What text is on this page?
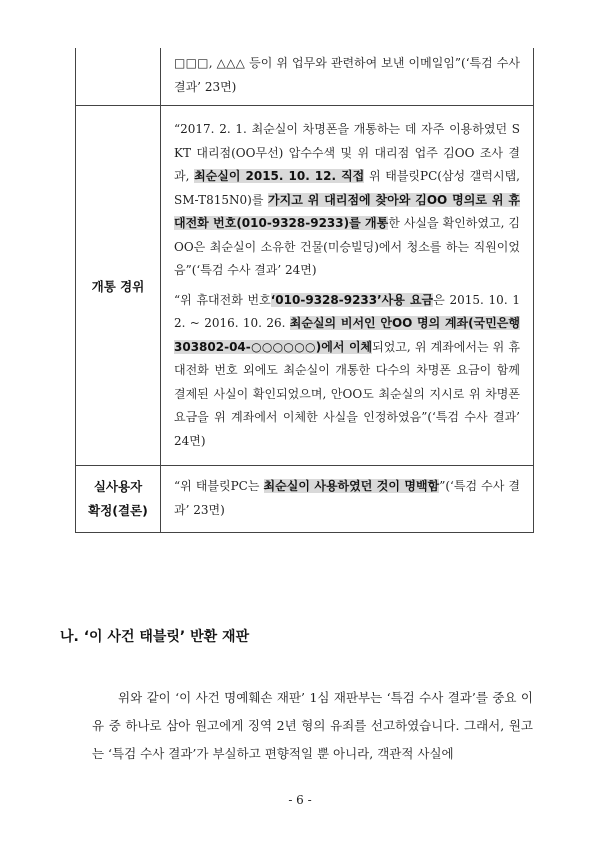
	□□□, △△△ 등이 위 업무와 관련하여 보낸 이메일임”(‘특검 수사 결과’ 23면)

개통 경위	“2017. 2. 1. 최순실이 차명폰을 개통하는 데 자주 이용하였던 SKT 대리점(OO무선) 압수수색 및 위 대리점 업주 김OO 조사 결과, 최순실이 2015. 10. 12. 직접 위 태블릿PC(삼성 갤럭시탭, SM-T815N0)를 가지고 위 대리점에 찾아와 김OO 명의로 위 휴대전화 번호(010-9328-9233)를 개통한 사실을 확인하였고, 김OO은 최순실이 소유한 건물(미승빌딩)에서 청소를 하는 직원이었음”(‘특검 수사 결과’ 24면)

“위 휴대전화 번호‘010-9328-9233’사용 요금은 2015. 10. 12. ~ 2016. 10. 26. 최순실의 비서인 안OO 명의 계좌(국민은행 303802-04-○○○○○○)에서 이체되었고, 위 계좌에서는 위 휴대전화 번호 외에도 최순실이 개통한 다수의 차명폰 요금이 함께 결제된 사실이 확인되었으며, 안OO도 최순실의 지시로 위 차명폰 요금을 위 계좌에서 이체한 사실을 인정하였음”(‘특검 수사 결과’ 24면)

실사용자
확정(결론)	“위 태블릿PC는 최순실이 사용하였던 것이 명백함”(‘특검 수사 결과’ 23면)

나. ‘이 사건 태블릿’ 반환 재판

위와 같이 ‘이 사건 명예훼손 재판’ 1심 재판부는 ‘특검 수사 결과’를 중요 이유 중 하나로 삼아 원고에게 징역 2년 형의 유죄를 선고하였습니다. 그래서, 원고는 ‘특검 수사 결과’가 부실하고 편향적일 뿐 아니라, 객관적 사실에

- 6 -
